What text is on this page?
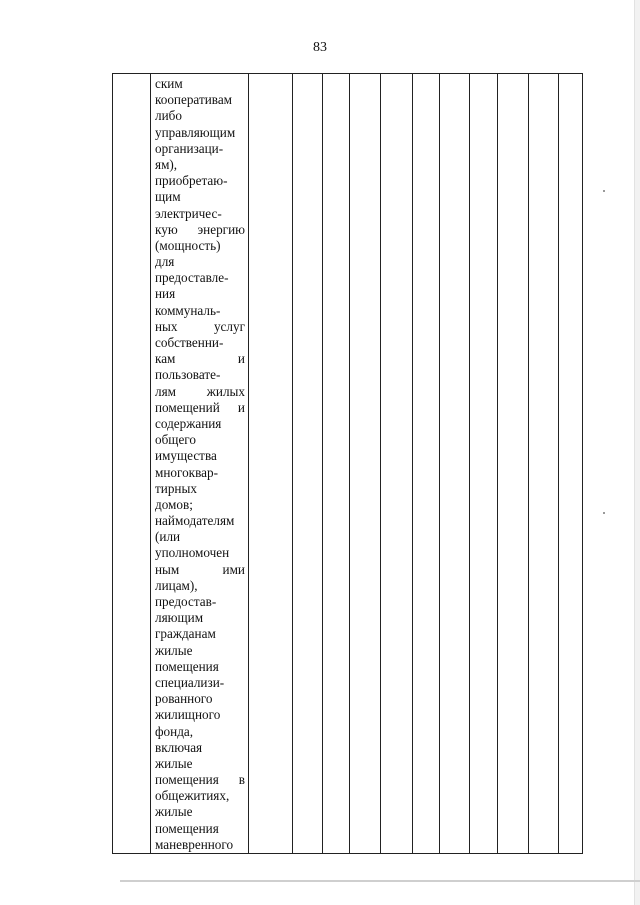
83

ским
кооперативам
либо
управляющим
организаци-
ям),
приобретаю-
щим
электричес-
кую энергию
(мощность)
для
предоставле-
ния
коммуналь-
ных услуг
собственни-
кам и
пользовате-
лям жилых
помещений и
содержания
общего
имущества
многоквар-
тирных
домов;
наймодателям
(или
уполномочен
ным ими
лицам),
предостав-
ляющим
гражданам
жилые
помещения
специализи-
рованного
жилищного
фонда,
включая
жилые
помещения в
общежитиях,
жилые
помещения
маневренного
